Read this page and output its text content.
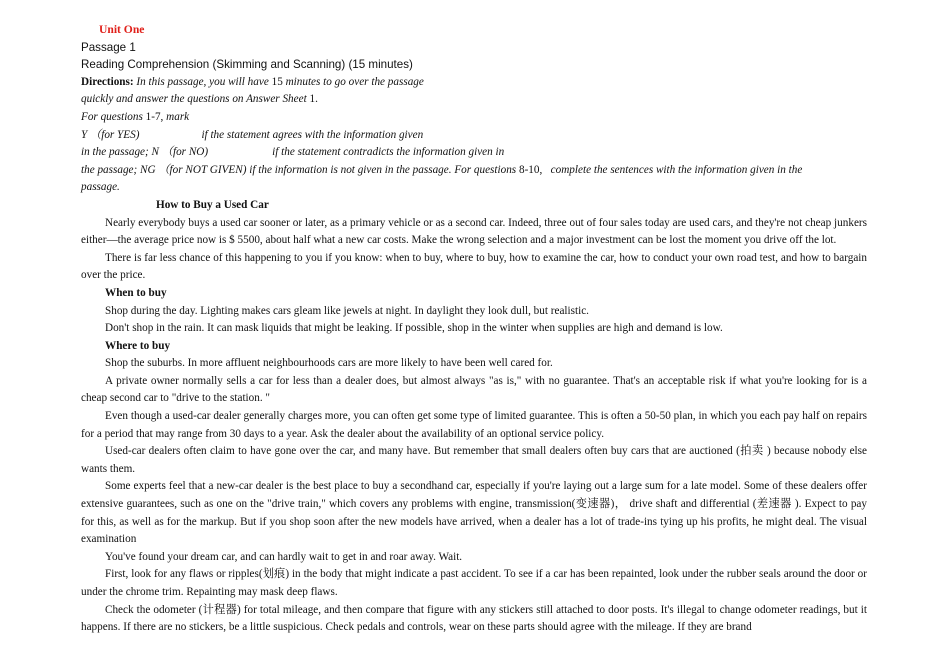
Unit One

Passage 1

Reading Comprehension (Skimming and Scanning) (15 minutes)

Directions: In this passage, you will have 15 minutes to go over the passage

quickly and answer the questions on Answer Sheet 1.

For questions 1-7, mark

Y （for YES)	if the statement agrees with the information given

in the passage; N （for NO)	if the statement contradicts the information given in

the passage; NG （for NOT GIVEN) if the information is not given in the passage. For questions 8-10, complete the sentences with the information given in the

passage.

How to Buy a Used Car

Nearly everybody buys a used car sooner or later, as a primary vehicle or as a second car. Indeed, three out of four sales today are used cars, and they're not cheap junkers either—the average price now is $ 5500, about half what a new car costs. Make the wrong selection and a major investment can be lost the moment you drive off the lot.

There is far less chance of this happening to you if you know: when to buy, where to buy, how to examine the car, how to conduct your own road test, and how to bargain over the price.

When to buy

Shop during the day. Lighting makes cars gleam like jewels at night. In daylight they look dull, but realistic.

Don't shop in the rain. It can mask liquids that might be leaking. If possible, shop in the winter when supplies are high and demand is low.

Where to buy

Shop the suburbs. In more affluent neighbourhoods cars are more likely to have been well cared for.

A private owner normally sells a car for less than a dealer does, but almost always "as is," with no guarantee. That's an acceptable risk if what you're looking for is a cheap second car to "drive to the station. "

Even though a used-car dealer generally charges more, you can often get some type of limited guarantee. This is often a 50-50 plan, in which you each pay half on repairs for a period that may range from 30 days to a year. Ask the dealer about the availability of an optional service policy.

Used-car dealers often claim to have gone over the car, and many have. But remember that small dealers often buy cars that are auctioned (拍卖 ) because nobody else wants them.

Some experts feel that a new-car dealer is the best place to buy a secondhand car, especially if you're laying out a large sum for a late model. Some of these dealers offer extensive guarantees, such as one on the "drive train," which covers any problems with engine, transmission(变速器)， drive shaft and differential (差速器 ). Expect to pay for this, as well as for the markup. But if you shop soon after the new models have arrived, when a dealer has a lot of trade-ins tying up his profits, he might deal. The visual examination

You've found your dream car, and can hardly wait to get in and roar away. Wait.

First, look for any flaws or ripples(划痕) in the body that might indicate a past accident. To see if a car has been repainted, look under the rubber seals around the door or under the chrome trim. Repainting may mask deep flaws.

Check the odometer (计程器) for total mileage, and then compare that figure with any stickers still attached to door posts. It's illegal to change odometer readings, but it happens. If there are no stickers, be a little suspicious. Check pedals and controls, wear on these parts should agree with the mileage. If they are brand
